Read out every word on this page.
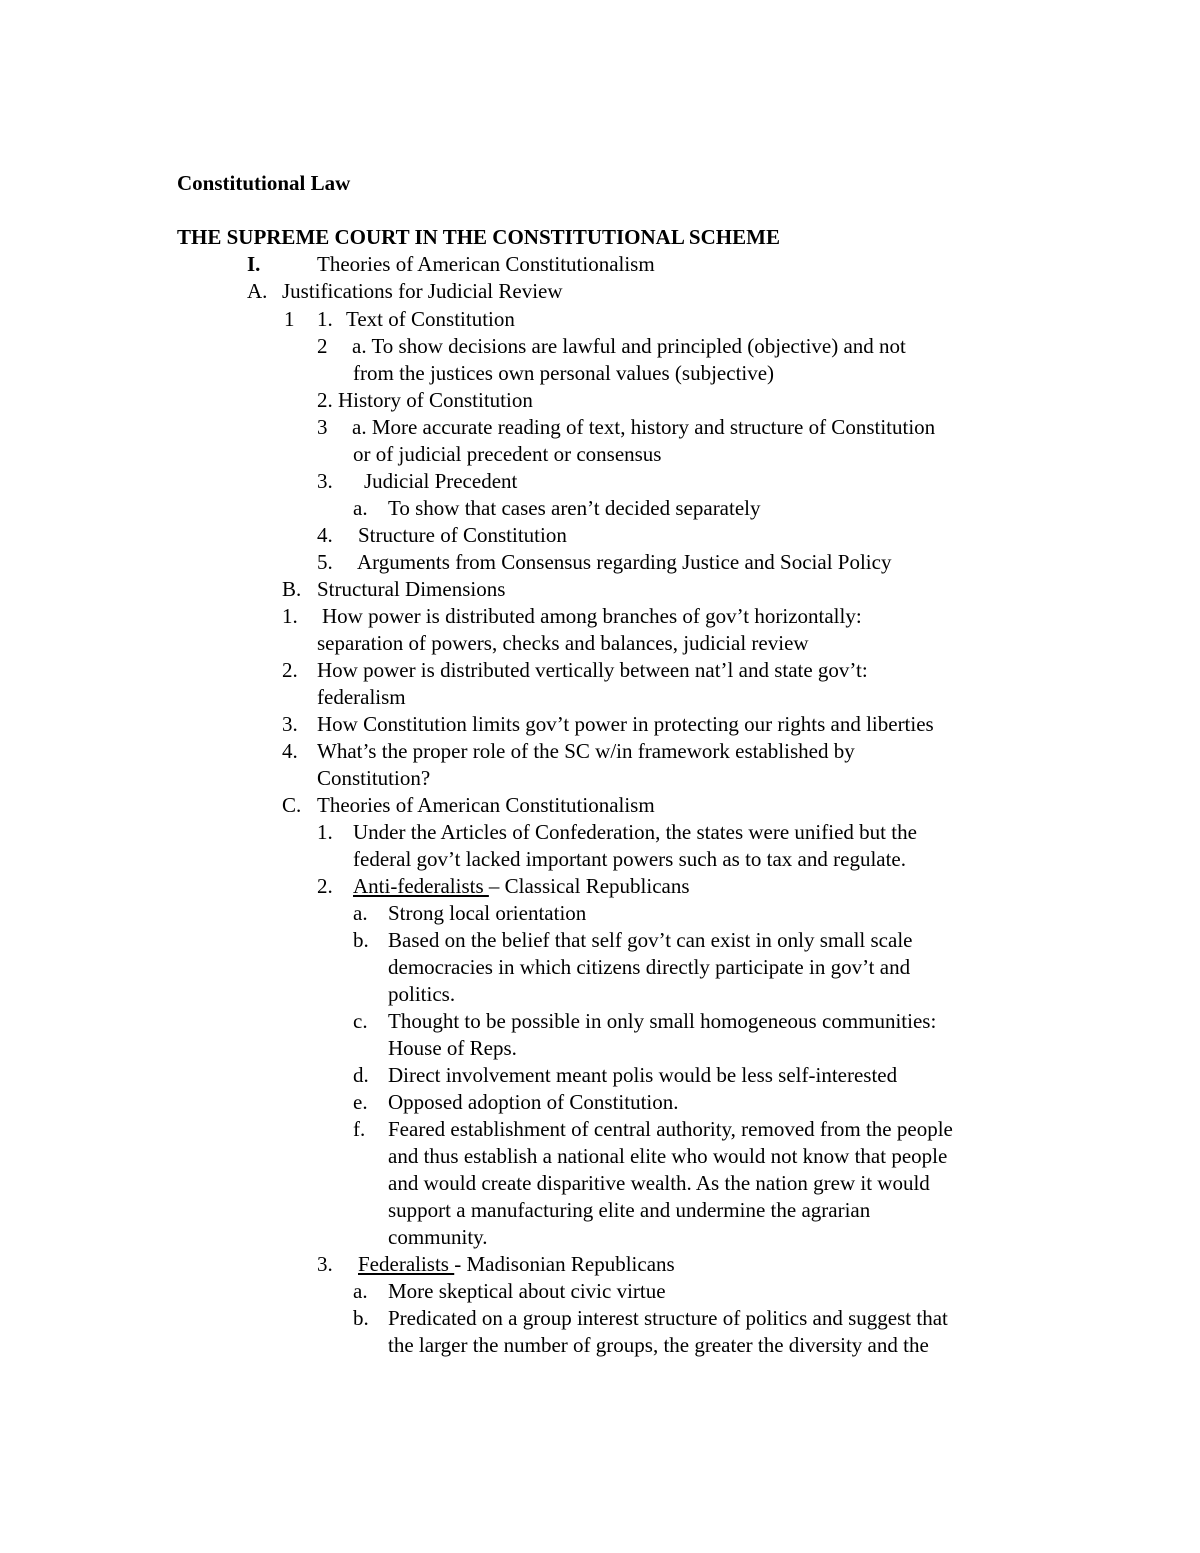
Constitutional Law
THE SUPREME COURT IN THE CONSTITUTIONAL SCHEME
I.	Theories of American Constitutionalism
A. Justifications for Judicial Review
1 1. Text of Constitution
2 a. To show decisions are lawful and principled (objective) and not
from the justices own personal values (subjective)
2. History of Constitution
3 a. More accurate reading of text, history and structure of Constitution
or of judicial precedent or consensus
3. Judicial Precedent
a. To show that cases aren’t decided separately
4. Structure of Constitution
5. Arguments from Consensus regarding Justice and Social Policy
B. Structural Dimensions
1. How power is distributed among branches of gov’t horizontally:
separation of powers, checks and balances, judicial review
2. How power is distributed vertically between nat’l and state gov’t:
federalism
3. How Constitution limits gov’t power in protecting our rights and liberties
4. What’s the proper role of the SC w/in framework established by
Constitution?
C. Theories of American Constitutionalism
1. Under the Articles of Confederation, the states were unified but the
federal gov’t lacked important powers such as to tax and regulate.
2. Anti-federalists – Classical Republicans
a. Strong local orientation
b. Based on the belief that self gov’t can exist in only small scale
democracies in which citizens directly participate in gov’t and
politics.
c. Thought to be possible in only small homogeneous communities:
House of Reps.
d. Direct involvement meant polis would be less self-interested
e. Opposed adoption of Constitution.
f. Feared establishment of central authority, removed from the people
and thus establish a national elite who would not know that people
and would create disparitive wealth. As the nation grew it would
support a manufacturing elite and undermine the agrarian
community.
3. Federalists - Madisonian Republicans
a. More skeptical about civic virtue
b. Predicated on a group interest structure of politics and suggest that
the larger the number of groups, the greater the diversity and the
